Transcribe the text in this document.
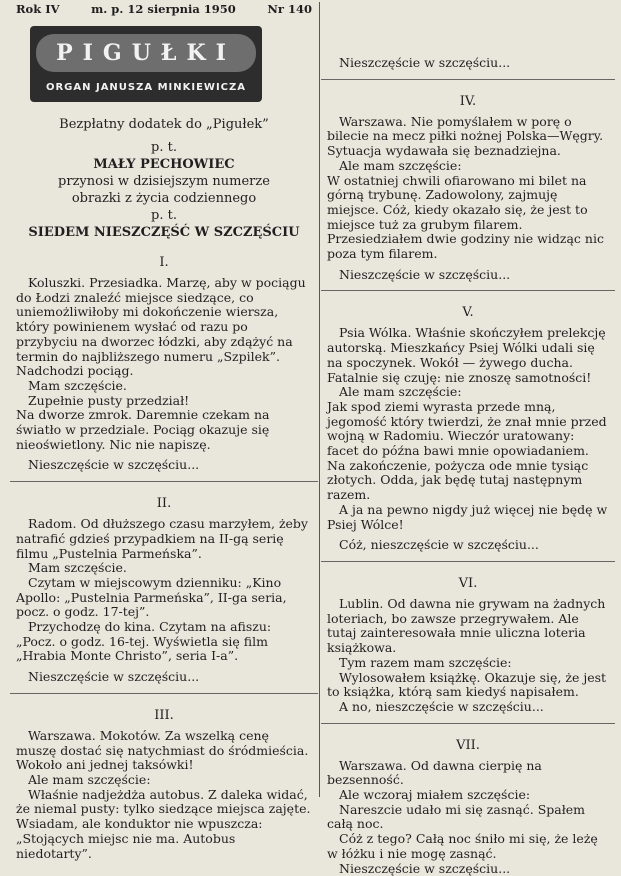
Rok IV	m. p. 12 sierpnia 1950	Nr 140
PIGUŁKI
ORGAN JANUSZA MINKIEWICZA
Bezpłatny dodatek do „Pigułek”
p. t.
MAŁY PECHOWIEC
przynosi w dzisiejszym numerze
obrazki z życia codziennego
p. t.
SIEDEM NIESZCZĘŚĆ W SZCZĘŚCIU
I.

Koluszki. Przesiadka. Marzę, aby w pociągu do Łodzi znaleźć miejsce siedzące, co uniemożliwiłoby mi dokończenie wiersza, który powinienem wysłać od razu po przybyciu na dworzec łódzki, aby zdążyć na termin do najbliższego numeru „Szpilek”. Nadchodzi pociąg.

Mam szczęście.

Zupełnie pusty przedział!

Na dworze zmrok. Daremnie czekam na światło w przedziale. Pociąg okazuje się nieoświetlony. Nic nie napiszę.

Nieszczęście w szczęściu...

II.

Radom. Od dłuższego czasu marzyłem, żeby natrafić gdzieś przypadkiem na II-gą serię filmu „Pustelnia Parmeńska”.

Mam szczęście.

Czytam w miejscowym dzienniku: „Kino Apollo: „Pustelnia Parmeńska”, II-ga seria, pocz. o godz. 17-tej”.

Przychodzę do kina. Czytam na afiszu: „Pocz. o godz. 16-tej. Wyświetla się film „Hrabia Monte Christo”, seria I-a”.

Nieszczęście w szczęściu...

III.

Warszawa. Mokotów. Za wszelką cenę muszę dostać się natychmiast do śródmieścia. Wokoło ani jednej taksówki!

Ale mam szczęście:

Właśnie nadjeżdża autobus. Z daleka widać, że niemal pusty: tylko siedzące miejsca zajęte. Wsiadam, ale konduktor nie wpuszcza: „Stojących miejsc nie ma. Autobus niedotarty”.

Nieszczęście w szczęściu...

IV.

Warszawa. Nie pomyślałem w porę o bilecie na mecz piłki nożnej Polska—Węgry. Sytuacja wydawała się beznadziejna.

Ale mam szczęście:

W ostatniej chwili ofiarowano mi bilet na górną trybunę. Zadowolony, zajmuję miejsce. Cóż, kiedy okazało się, że jest to miejsce tuż za grubym filarem. Przesiedziałem dwie godziny nie widząc nic poza tym filarem.

Nieszczęście w szczęściu...

V.

Psia Wólka. Właśnie skończyłem prelekcję autorską. Mieszkańcy Psiej Wólki udali się na spoczynek. Wokół — żywego ducha. Fatalnie się czuję: nie znoszę samotności!

Ale mam szczęście:

Jak spod ziemi wyrasta przede mną, jegomość który twierdzi, że znał mnie przed wojną w Radomiu. Wieczór uratowany: facet do późna bawi mnie opowiadaniem. Na zakończenie, pożycza ode mnie tysiąc złotych. Odda, jak będę tutaj następnym razem.

A ja na pewno nigdy już więcej nie będę w Psiej Wólce!

Cóż, nieszczęście w szczęściu...

VI.

Lublin. Od dawna nie grywam na żadnych loteriach, bo zawsze przegrywałem. Ale tutaj zainteresowała mnie uliczna loteria książkowa.

Tym razem mam szczęście:

Wylosowałem książkę. Okazuje się, że jest to książka, którą sam kiedyś napisałem.

A no, nieszczęście w szczęściu...

VII.

Warszawa. Od dawna cierpię na bezsenność.

Ale wczoraj miałem szczęście:

Nareszcie udało mi się zasnąć. Spałem całą noc.

Cóż z tego? Całą noc śniło mi się, że leżę w łóżku i nie mogę zasnąć.

Nieszczęście w szczęściu...
